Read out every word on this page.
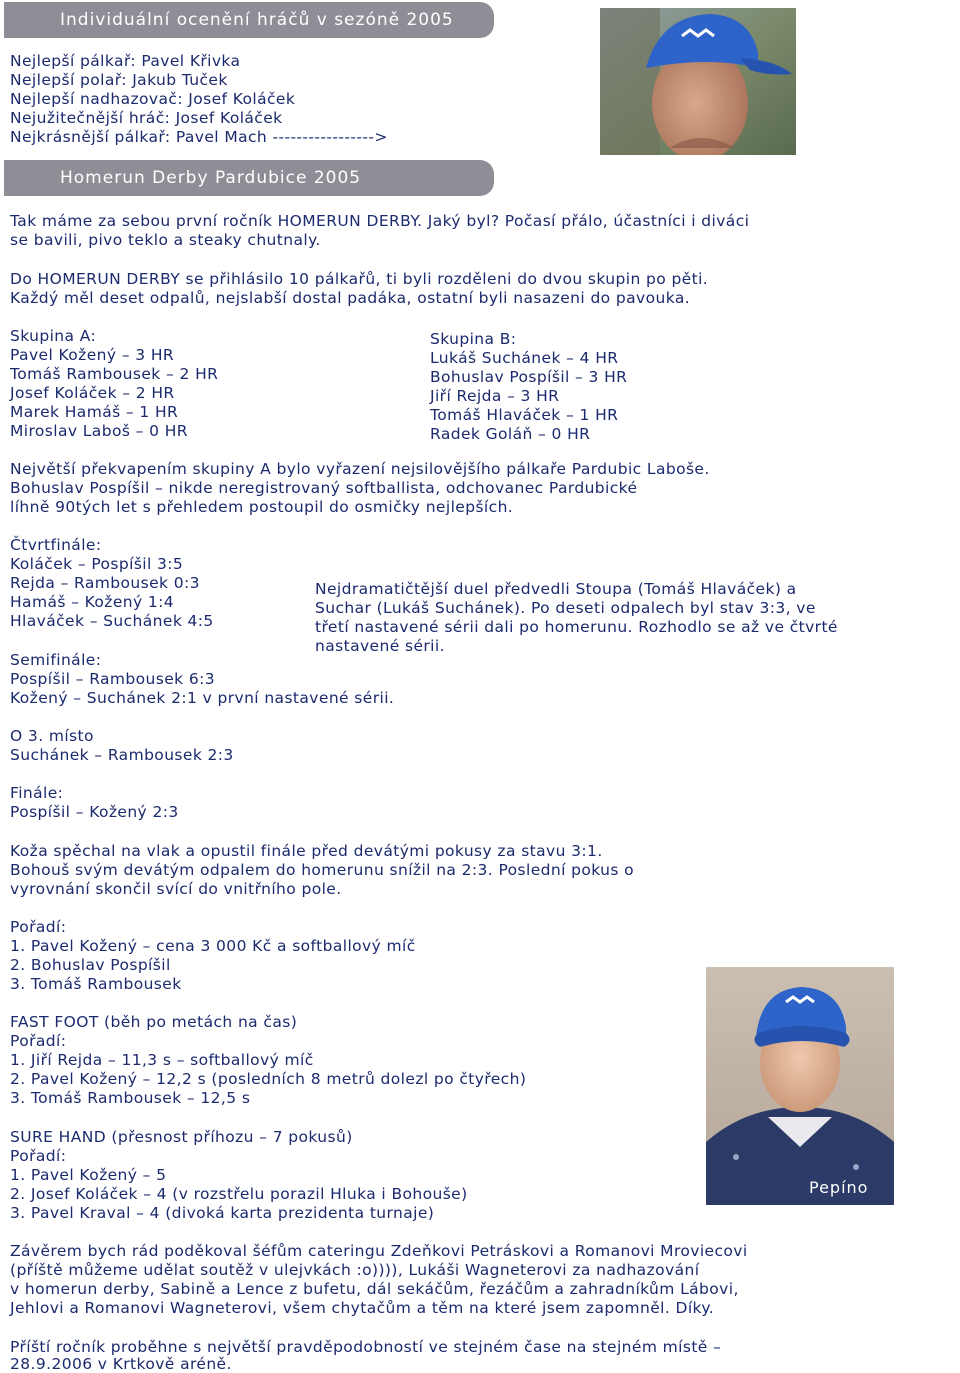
Individuální ocenění hráčů v sezóně 2005
Nejlepší pálkař: Pavel Křivka
Nejlepší polař: Jakub Tuček
Nejlepší nadhazovač: Josef Koláček
Nejužitečnější hráč: Josef Koláček
Nejkrásnější pálkař: Pavel Mach ----------------->
Homerun Derby Pardubice 2005
Tak máme za sebou první ročník HOMERUN DERBY. Jaký byl? Počasí přálo, účastníci i diváci
se bavili, pivo teklo a steaky chutnaly.
Do HOMERUN DERBY se přihlásilo 10 pálkařů, ti byli rozděleni do dvou skupin po pěti.
Každý měl deset odpalů, nejslabší dostal padáka, ostatní byli nasazeni do pavouka.
Skupina A:
Pavel Kožený – 3 HR
Tomáš Rambousek – 2 HR
Josef Koláček – 2 HR
Marek Hamáš – 1 HR
Miroslav Laboš – 0 HR
Skupina B:
Lukáš Suchánek – 4 HR
Bohuslav Pospíšil – 3 HR
Jiří Rejda – 3 HR
Tomáš Hlaváček – 1 HR
Radek Goláň – 0 HR
Největší překvapením skupiny A bylo vyřazení nejsilovějšího pálkaře Pardubic Laboše.
Bohuslav Pospíšil – nikde neregistrovaný softballista, odchovanec Pardubické
líhně 90tých let s přehledem postoupil do osmičky nejlepších.
Čtvrtfinále:
Koláček – Pospíšil 3:5
Rejda – Rambousek 0:3
Hamáš – Kožený 1:4
Hlaváček – Suchánek 4:5
Nejdramatičtější duel předvedli Stoupa (Tomáš Hlaváček) a
Suchar (Lukáš Suchánek). Po deseti odpalech byl stav 3:3, ve
třetí nastavené sérii dali po homerunu. Rozhodlo se až ve čtvrté
nastavené sérii.
Semifinále:
Pospíšil – Rambousek 6:3
Kožený – Suchánek 2:1 v první nastavené sérii.
O 3. místo
Suchánek – Rambousek 2:3
Finále:
Pospíšil – Kožený 2:3
Koža spěchal na vlak a opustil finále před devátými pokusy za stavu 3:1.
Bohouš svým devátým odpalem do homerunu snížil na 2:3. Poslední pokus o
vyrovnání skončil svící do vnitřního pole.
Pořadí:
1. Pavel Kožený – cena 3 000 Kč a softballový míč
2. Bohuslav Pospíšil
3. Tomáš Rambousek
FAST FOOT (běh po metách na čas)
Pořadí:
1. Jiří Rejda – 11,3 s – softballový míč
2. Pavel Kožený – 12,2 s (posledních 8 metrů dolezl po čtyřech)
3. Tomáš Rambousek – 12,5 s
SURE HAND (přesnost příhozu – 7 pokusů)
Pořadí:
1. Pavel Kožený – 5
2. Josef Koláček – 4 (v rozstřelu porazil Hluka i Bohouše)
3. Pavel Kraval – 4 (divoká karta prezidenta turnaje)
Pepíno
Závěrem bych rád poděkoval šéfům cateringu Zdeňkovi Petráskovi a Romanovi Mroviecovi
(příště můžeme udělat soutěž v ulejvkách :o)))), Lukáši Wagneterovi za nadhazování
v homerun derby, Sabině a Lence z bufetu, dál sekáčům, řezáčům a zahradníkům Lábovi,
Jehlovi a Romanovi Wagneterovi, všem chytačům a těm na které jsem zapomněl. Díky.
Příští ročník proběhne s největší pravděpodobností ve stejném čase na stejném místě –
28.9.2006 v Krtkově aréně.
